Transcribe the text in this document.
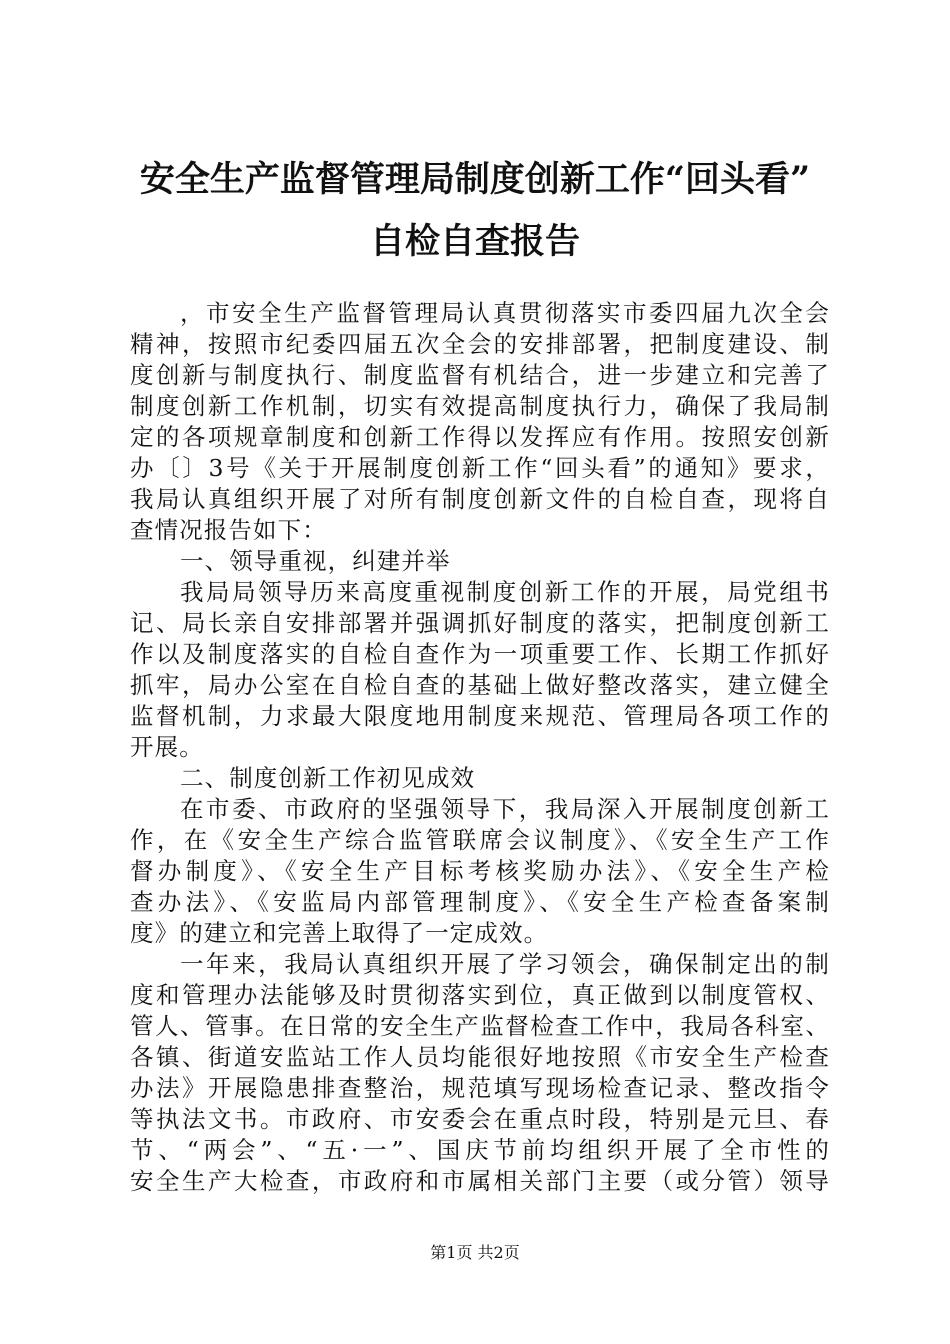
安全生产监督管理局制度创新工作“回头看”
自检自查报告
，市安全生产监督管理局认真贯彻落实市委四届九次全会
精神，按照市纪委四届五次全会的安排部署，把制度建设、制
度创新与制度执行、制度监督有机结合，进一步建立和完善了
制度创新工作机制，切实有效提高制度执行力，确保了我局制
定的各项规章制度和创新工作得以发挥应有作用。按照安创新
办〔〕3号《关于开展制度创新工作“回头看”的通知》要求，
我局认真组织开展了对所有制度创新文件的自检自查，现将自
查情况报告如下：
一、领导重视，纠建并举
我局局领导历来高度重视制度创新工作的开展，局党组书
记、局长亲自安排部署并强调抓好制度的落实，把制度创新工
作以及制度落实的自检自查作为一项重要工作、长期工作抓好
抓牢，局办公室在自检自查的基础上做好整改落实，建立健全
监督机制，力求最大限度地用制度来规范、管理局各项工作的
开展。
二、制度创新工作初见成效
在市委、市政府的坚强领导下，我局深入开展制度创新工
作，在《安全生产综合监管联席会议制度》、《安全生产工作
督办制度》、《安全生产目标考核奖励办法》、《安全生产检
查办法》、《安监局内部管理制度》、《安全生产检查备案制
度》的建立和完善上取得了一定成效。
一年来，我局认真组织开展了学习领会，确保制定出的制
度和管理办法能够及时贯彻落实到位，真正做到以制度管权、
管人、管事。在日常的安全生产监督检查工作中，我局各科室、
各镇、街道安监站工作人员均能很好地按照《市安全生产检查
办法》开展隐患排查整治，规范填写现场检查记录、整改指令
等执法文书。市政府、市安委会在重点时段，特别是元旦、春
节、“两会”、“五·一”、国庆节前均组织开展了全市性的
安全生产大检查，市政府和市属相关部门主要（或分管）领导
第1页 共2页
